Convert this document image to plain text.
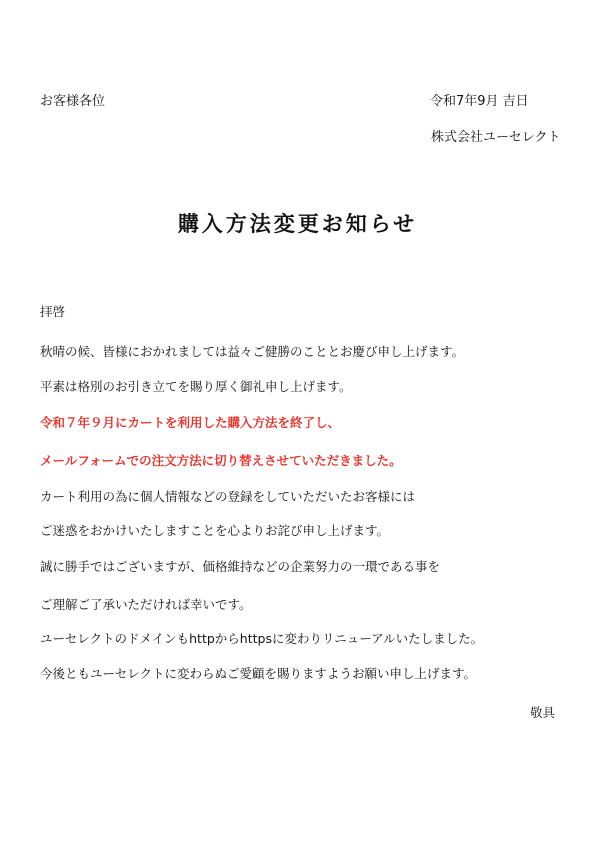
お客様各位	令和7年9月 吉日
株式会社ユーセレクト
購入方法変更お知らせ
拝啓
秋晴の候、皆様におかれましては益々ご健勝のこととお慶び申し上げます。
平素は格別のお引き立てを賜り厚く御礼申し上げます。
令和７年９月にカートを利用した購入方法を終了し、
メールフォームでの注文方法に切り替えさせていただきました。
カート利用の為に個人情報などの登録をしていただいたお客様には
ご迷惑をおかけいたしますことを心よりお詫び申し上げます。
誠に勝手ではございますが、価格維持などの企業努力の一環である事を
ご理解ご了承いただければ幸いです。
ユーセレクトのドメインもhttpからhttpsに変わりリニューアルいたしました。
今後ともユーセレクトに変わらぬご愛顧を賜りますようお願い申し上げます。
敬具
